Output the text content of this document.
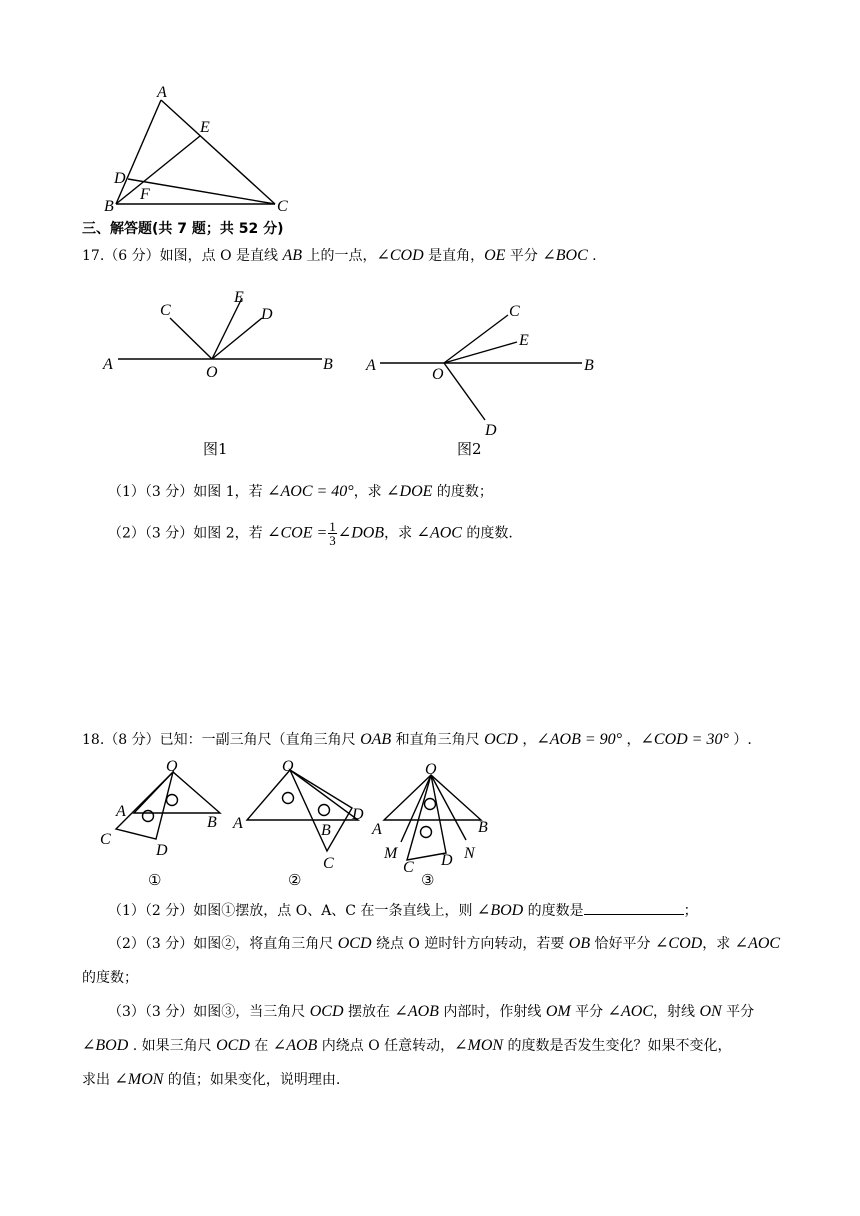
A
E
D
F
B	C
三、解答题(共 7 题；共 52 分)
17.（6 分）如图，点 O 是直线 AB 上的一点，∠COD 是直角，OE 平分 ∠BOC .
C
E
D
A	O	B
C
E
A
O
B
D
图1	图2
（1）（3 分）如图 1，若 ∠AOC = 40°，求 ∠DOE 的度数；
（2）（3 分）如图 2，若 ∠COE = $\frac{1}{3}$ ∠DOB，求 ∠AOC 的度数.
18.（8 分）已知：一副三角尺（直角三角尺 OAB 和直角三角尺 OCD ，∠AOB = 90° ，∠COD = 30° ）.
O
A
B
C
D
O
A	B
D
C
O
A	B
M
C D N
①	②	③
（1）（2 分）如图①摆放，点 O、A、C 在一条直线上，则 ∠BOD 的度数是	；
（2）（3 分）如图②，将直角三角尺 OCD 绕点 O 逆时针方向转动，若要 OB 恰好平分 ∠COD，求 ∠AOC
的度数；
（3）（3 分）如图③，当三角尺 OCD 摆放在 ∠AOB 内部时，作射线 OM 平分 ∠AOC，射线 ON 平分
∠BOD . 如果三角尺 OCD 在 ∠AOB 内绕点 O 任意转动，∠MON 的度数是否发生变化？如果不变化，
求出 ∠MON 的值；如果变化，说明理由.
